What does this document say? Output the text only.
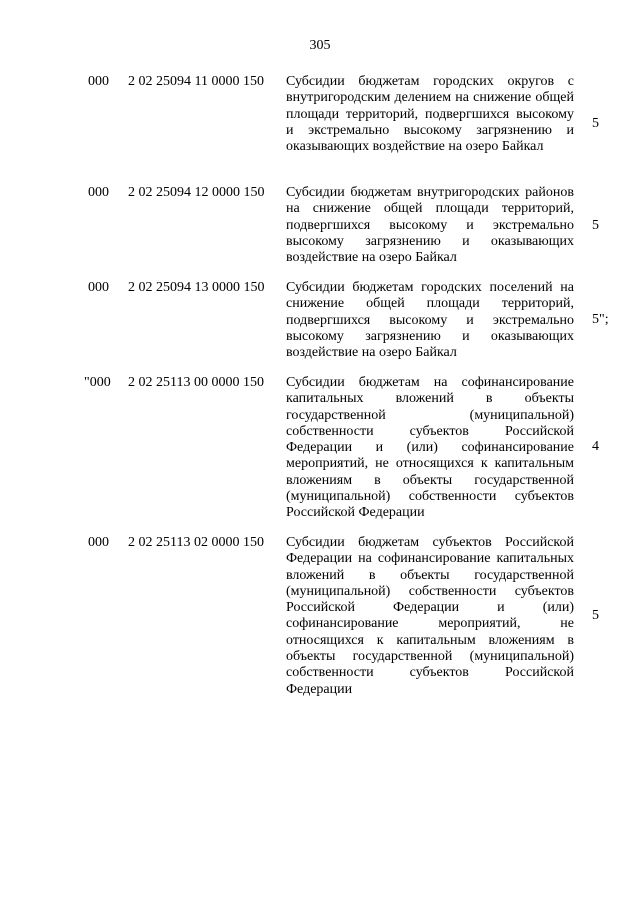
305
000 2 02 25094 11 0000 150 Субсидии бюджетам городских округов с внутригородским делением на снижение общей площади территорий, подвергшихся высокому и экстремально высокому загрязнению и оказывающих воздействие на озеро Байкал
5
000 2 02 25094 12 0000 150 Субсидии бюджетам внутригородских районов на снижение общей площади территорий, подвергшихся высокому и экстремально высокому загрязнению и оказывающих воздействие на озеро Байкал
5
000 2 02 25094 13 0000 150 Субсидии бюджетам городских поселений на снижение общей площади территорий, подвергшихся высокому и экстремально высокому загрязнению и оказывающих воздействие на озеро Байкал
5";
"000 2 02 25113 00 0000 150 Субсидии бюджетам на софинансирование капитальных вложений в объекты государственной (муниципальной) собственности субъектов Российской Федерации и (или) софинансирование мероприятий, не относящихся к капитальным вложениям в объекты государственной (муниципальной) собственности субъектов Российской Федерации
4
000 2 02 25113 02 0000 150 Субсидии бюджетам субъектов Российской Федерации на софинансирование капитальных вложений в объекты государственной (муниципальной) собственности субъектов Российской Федерации и (или) софинансирование мероприятий, не относящихся к капитальным вложениям в объекты государственной (муниципальной) собственности субъектов Российской Федерации
5
